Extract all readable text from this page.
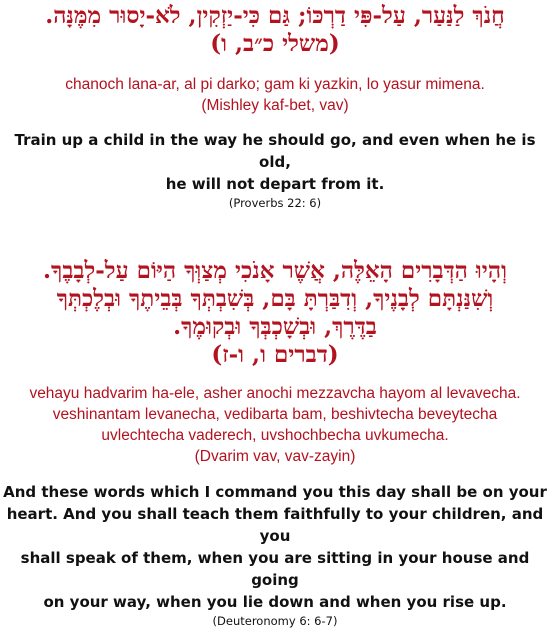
חֲנֹךְ לַנַּעַר, עַל-פִּי דַרְכּוֹ; גַּם כִּי-יַזְקִין, לֹא-יָסוּר מִמֶּנָּה.
(משלי כ״ב, ו)
chanoch lana-ar, al pi darko; gam ki yazkin, lo yasur mimena.
(Mishley kaf-bet, vav)
Train up a child in the way he should go, and even when he is old,
he will not depart from it.
(Proverbs 22: 6)
וְהָיוּ הַדְּבָרִים הָאֵלֶּה, אֲשֶׁר אָנֹכִי מְצַוְּךָ הַיּוֹם עַל-לְבָבֶךָ.
וְשִׁנַּנְתָּם לְבָנֶיךָ, וְדִבַּרְתָּ בָּם, בְּשִׁבְתְּךָ בְּבֵיתֶךָ וּבְלֶכְתְּךָ
בַדֶּרֶךְ, וּבְשָׁכְבְּךָ וּבְקוּמֶךָ.
(דברים ו, ו-ז)
vehayu hadvarim ha-ele, asher anochi mezzavcha hayom al levavecha.
veshinantam levanecha, vedibarta bam, beshivtecha beveytecha
uvlechtecha vaderech, uvshochbecha uvkumecha.
(Dvarim vav, vav-zayin)
And these words which I command you this day shall be on your
heart. And you shall teach them faithfully to your children, and you
shall speak of them, when you are sitting in your house and going
on your way, when you lie down and when you rise up.
(Deuteronomy 6: 6-7)
